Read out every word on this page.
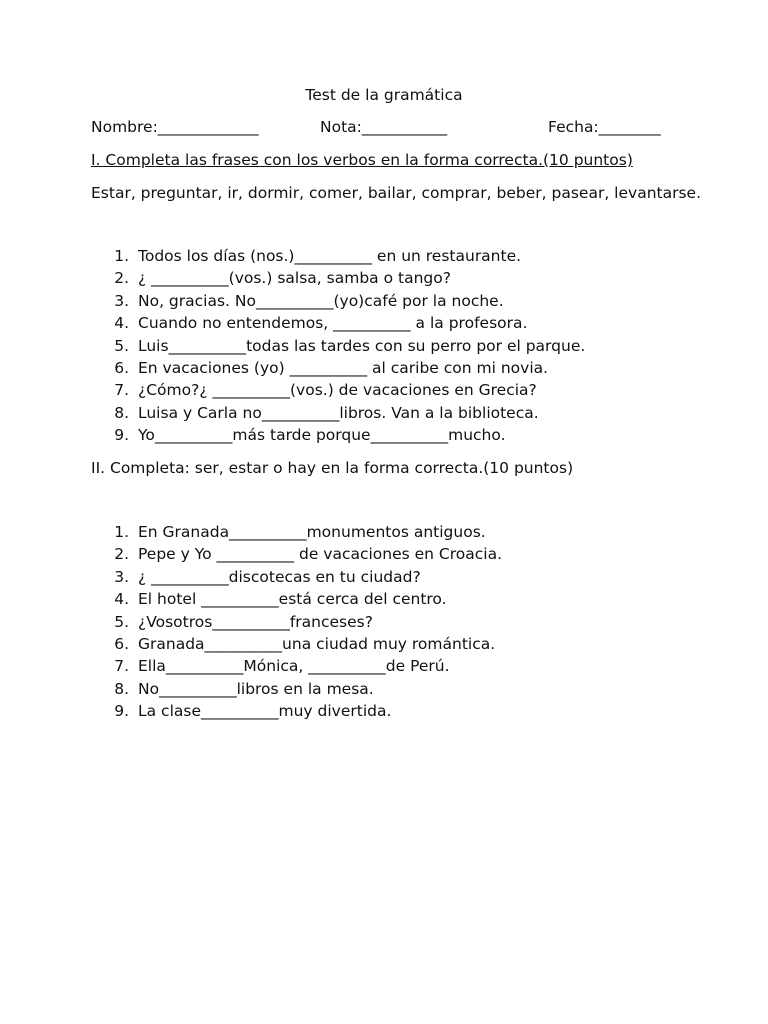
Test de la gramática
Nombre:_____________	Nota:___________	Fecha:________
I. Completa las frases con los verbos en la forma correcta.(10 puntos)
Estar, preguntar, ir, dormir, comer, bailar, comprar, beber, pasear, levantarse.
1. Todos los días (nos.)__________ en un restaurante.
2. ¿ __________(vos.) salsa, samba o tango?
3. No, gracias. No__________(yo)café por la noche.
4. Cuando no entendemos, __________ a la profesora.
5. Luis__________todas las tardes con su perro por el parque.
6. En vacaciones (yo) __________ al caribe con mi novia.
7. ¿Cómo?¿ __________(vos.) de vacaciones en Grecia?
8. Luisa y Carla no__________libros. Van a la biblioteca.
9. Yo__________más tarde porque__________mucho.
II. Completa: ser, estar o hay en la forma correcta.(10 puntos)
1. En Granada__________monumentos antiguos.
2. Pepe y Yo __________ de vacaciones en Croacia.
3. ¿ __________discotecas en tu ciudad?
4. El hotel __________está cerca del centro.
5. ¿Vosotros__________franceses?
6. Granada__________una ciudad muy romántica.
7. Ella__________Mónica, __________de Perú.
8. No__________libros en la mesa.
9. La clase__________muy divertida.
